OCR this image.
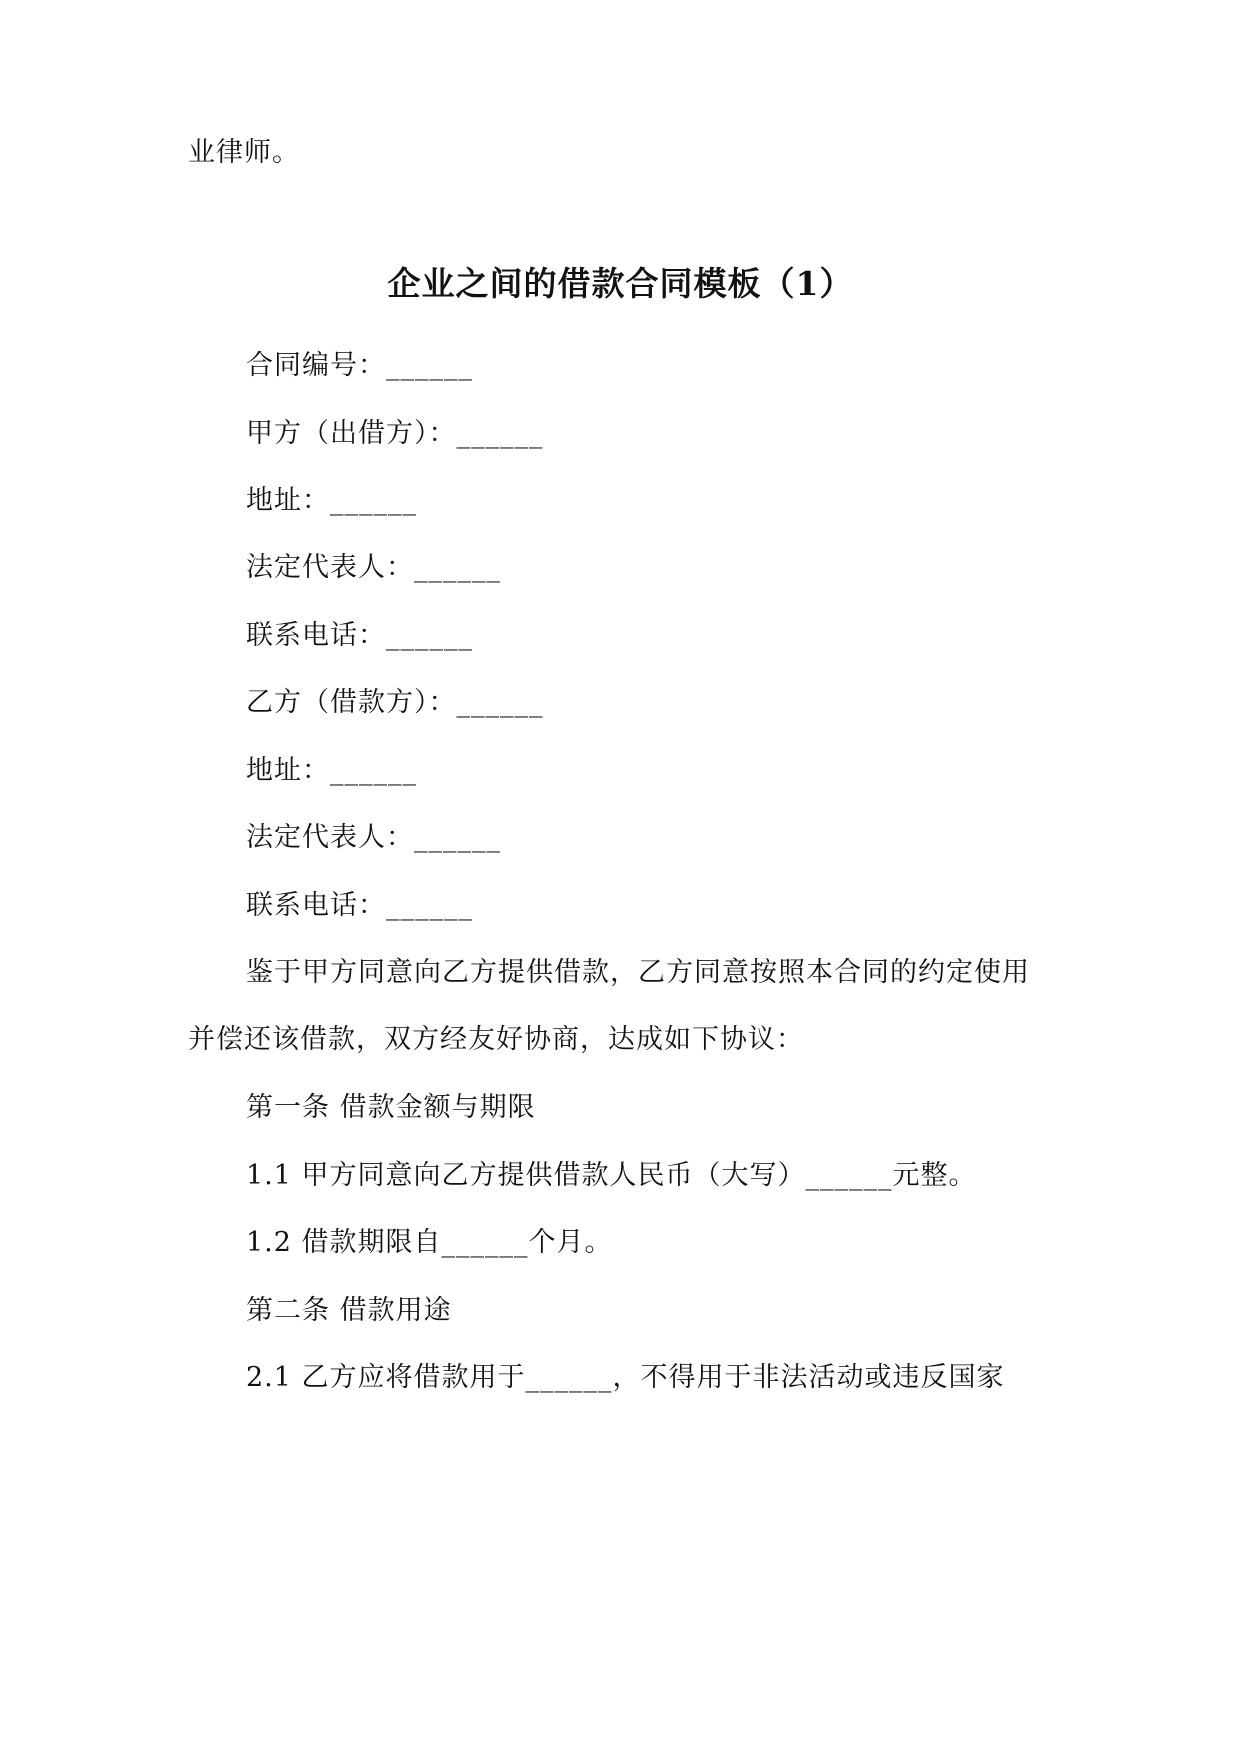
业律师。
企业之间的借款合同模板（1）
合同编号：______
甲方（出借方）：______
地址：______
法定代表人：______
联系电话：______
乙方（借款方）：______
地址：______
法定代表人：______
联系电话：______
鉴于甲方同意向乙方提供借款，乙方同意按照本合同的约定使用
并偿还该借款，双方经友好协商，达成如下协议：
第一条 借款金额与期限
1.1 甲方同意向乙方提供借款人民币（大写）______元整。
1.2 借款期限自______个月。
第二条 借款用途
2.1 乙方应将借款用于______，不得用于非法活动或违反国家
